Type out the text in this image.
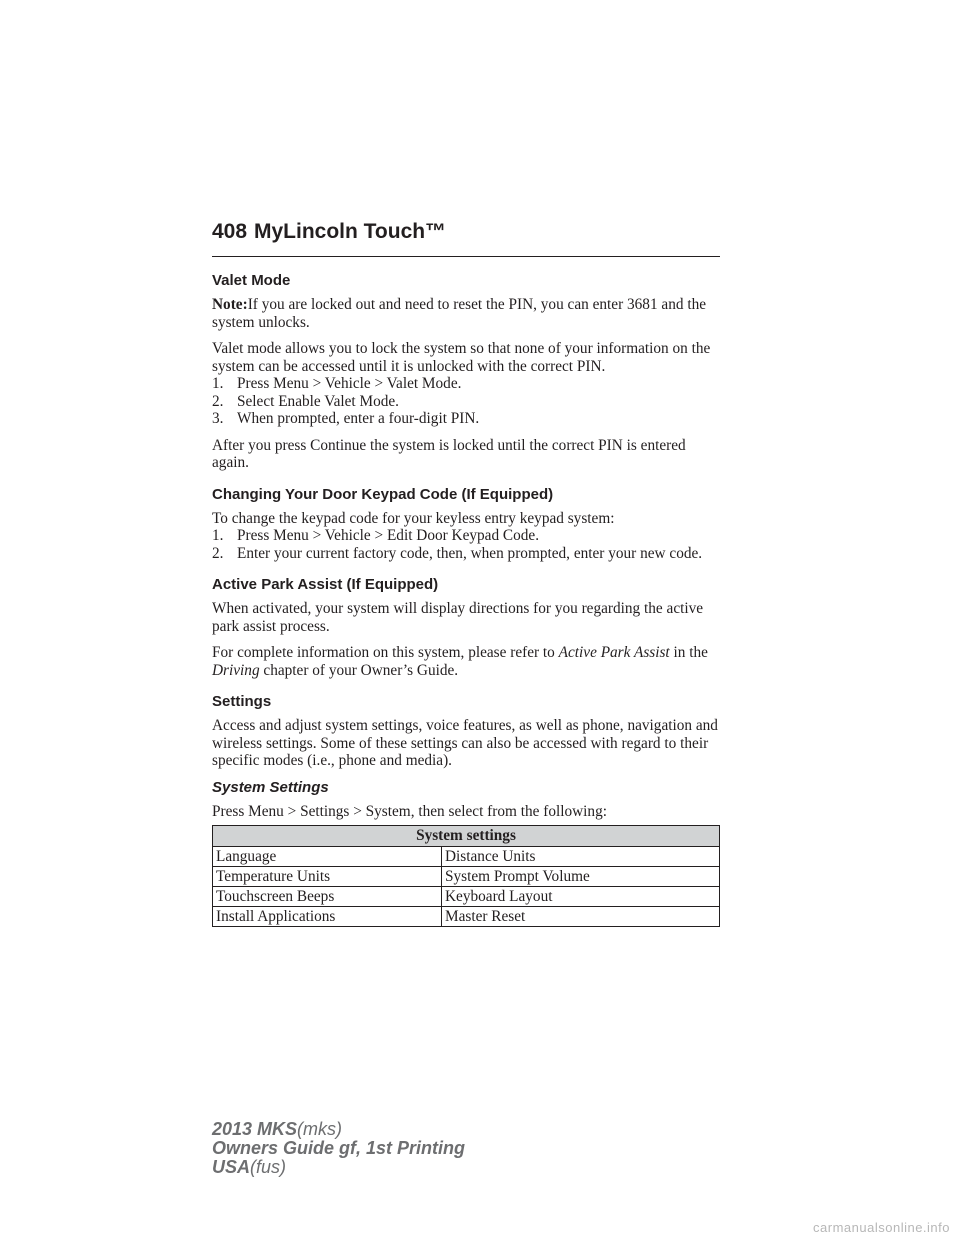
408 MyLincoln Touch™
Valet Mode

Note:If you are locked out and need to reset the PIN, you can enter 3681 and the system unlocks.

Valet mode allows you to lock the system so that none of your information on the system can be accessed until it is unlocked with the correct PIN.

1. Press Menu > Vehicle > Valet Mode.
2. Select Enable Valet Mode.
3. When prompted, enter a four-digit PIN.

After you press Continue the system is locked until the correct PIN is entered again.

Changing Your Door Keypad Code (If Equipped)

To change the keypad code for your keyless entry keypad system:

1. Press Menu > Vehicle > Edit Door Keypad Code.
2. Enter your current factory code, then, when prompted, enter your new code.
Active Park Assist (If Equipped)

When activated, your system will display directions for you regarding the active park assist process.

For complete information on this system, please refer to Active Park Assist in the Driving chapter of your Owner’s Guide.

Settings

Access and adjust system settings, voice features, as well as phone, navigation and wireless settings. Some of these settings can also be accessed with regard to their specific modes (i.e., phone and media).

System Settings

Press Menu > Settings > System, then select from the following:

System settings	
Language	Distance Units
Temperature Units	System Prompt Volume
Touchscreen Beeps	Keyboard Layout
Install Applications	Master Reset
2013 MKS(mks)
Owners Guide gf, 1st Printing
USA(fus)
carmanualsonline.info
